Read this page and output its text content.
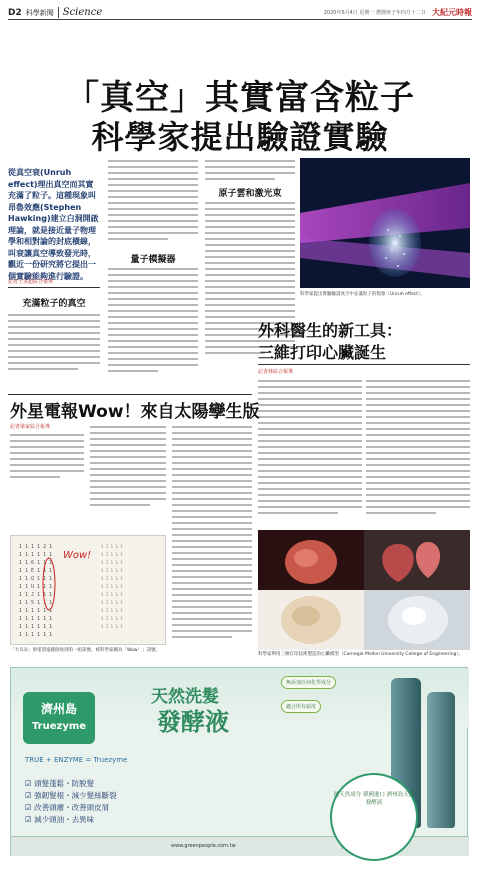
D2 科學新聞 Science	2020年5月4日 星期一 農曆庚子年四月十二日 大紀元時報
「真空」其實富含粒子
科學家提出驗證實驗
從真空衰(Unruh effect)理出真空而其實充滿了粒子。這種現象叫昂魯效應(Stephen Hawking)建立白洞開啟理論，就是接近量子物理學和相對論的封底橫線，叫衰讓真空導致發光時，觀近一份研究將它提出一個實驗能夠進行驗證。
記者王永超綜合報導
充滿粒子的真空
量子模擬器
原子雲和激光束
科學家提出實驗驗證真空中充滿粒子的現象（Unruh effect）。
外科醫生的新工具：
三維打印心臟誕生
記者林綜合報導
科學家利用三維打印技術製造的心臟模型（Carnegie Mellon University College of Engineering）。
外星電報Wow！來自太陽孿生版
記者梁家綜合報導
1 1 1 1 2 1
1 1 1 1 1 1
1 1 6 1 1 1
1 1 E 1 1 1
1 1 Q 1 1 1
1 1 U 1 1 1
1 1 J 1 1 1
1 1 5 1 1 1
1 1 1 1 1 1
1 1 1 1 1 1
1 1 1 1 1 1
1 1 1 1 1 1
Wow!
1 1 1 1 1
1 1 1 1 1
1 1 1 1 1
1 1 1 1 1
1 1 1 1 1
1 1 1 1 1
1 1 1 1 1
1 1 1 1 1
1 1 1 1 1
1 1 1 1 1
1 1 1 1 1
「大耳朵」射電望遠鏡接收到的一組訊號，被科學家稱為「Wow！」訊號。
濟州島
Truezyme
天然洗髮
發酵液
TRUE + ENZYME = Truezyme
☑ 頭髮蓬鬆・防脫髮
☑ 強韌髮根・減少髮絲斷裂
☑ 改善頭癢・改善頭皮屑
☑ 減少頭油・去異味
無添加任何化學成分
適合所有頭皮
www.greenpeople.com.tw
純天然成分 韓國進口 濟州島天然發酵液
